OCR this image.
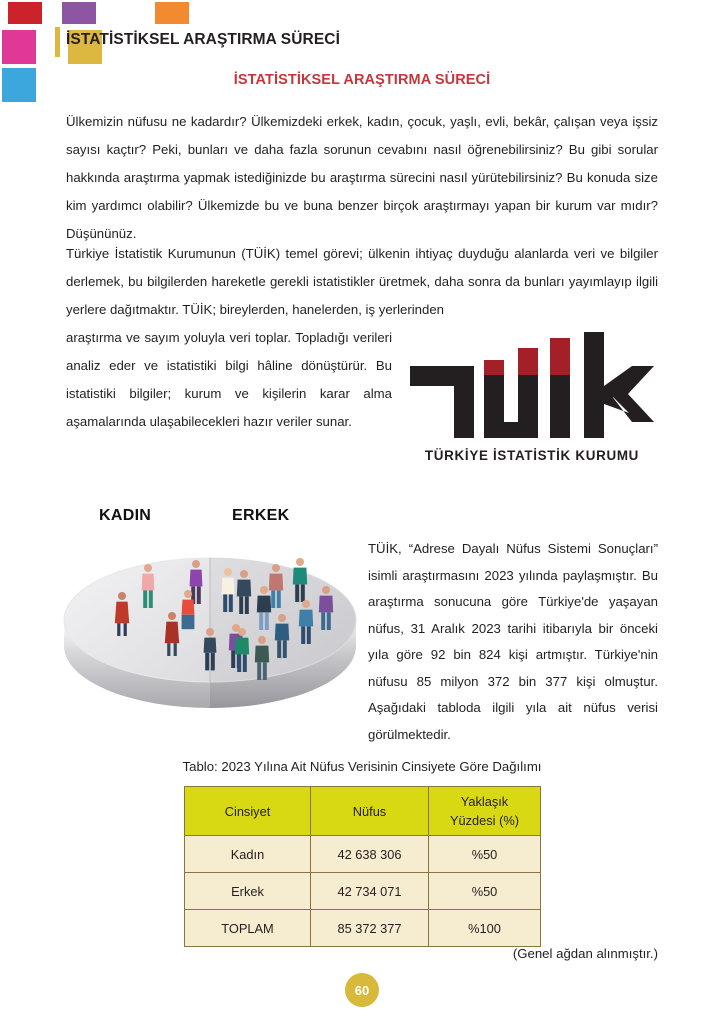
İSTATİSTİKSEL ARAŞTIRMA SÜRECİ
İSTATİSTİKSEL ARAŞTIRMA SÜRECİ
Ülkemizin nüfusu ne kadardır? Ülkemizdeki erkek, kadın, çocuk, yaşlı, evli, bekâr, çalışan veya işsiz sayısı kaçtır? Peki, bunları ve daha fazla sorunun cevabını nasıl öğrenebilirsiniz? Bu gibi sorular hakkında araştırma yapmak istediğinizde bu araştırma sürecini nasıl yürütebilirsiniz? Bu konuda size kim yardımcı olabilir? Ülkemizde bu ve buna benzer birçok araştırmayı yapan bir kurum var mıdır? Düşününüz.
Türkiye İstatistik Kurumunun (TÜİK) temel görevi; ülkenin ihtiyaç duyduğu alanlarda veri ve bilgiler derlemek, bu bilgilerden hareketle gerekli istatistikler üretmek, daha sonra da bunları yayımlayıp ilgili yerlere dağıtmaktır. TÜİK; bireylerden, hanelerden, iş yerlerinden
araştırma ve sayım yoluyla veri toplar. Topladığı verileri analiz eder ve istatistiki bilgi hâline dönüştürür. Bu istatistiki bilgiler; kurum ve kişilerin karar alma aşamalarında ulaşabilecekleri hazır veriler sunar.
TÜRKİYE İSTATİSTİK KURUMU
KADIN	ERKEK
TÜİK, “Adrese Dayalı Nüfus Sistemi Sonuçları” isimli araştırmasını 2023 yılında paylaşmıştır. Bu araştırma sonucuna göre Türkiye'de yaşayan nüfus, 31 Aralık 2023 tarihi itibarıyla bir önceki yıla göre 92 bin 824 kişi artmıştır. Türkiye'nin nüfusu 85 milyon 372 bin 377 kişi olmuştur. Aşağıdaki tabloda ilgili yıla ait nüfus verisi görülmektedir.
Tablo: 2023 Yılına Ait Nüfus Verisinin Cinsiyete Göre Dağılımı
Cinsiyet	Nüfus	Yaklaşık
Yüzdesi (%)
Kadın	42 638 306	%50
Erkek	42 734 071	%50
TOPLAM	85 372 377	%100
(Genel ağdan alınmıştır.)
60
